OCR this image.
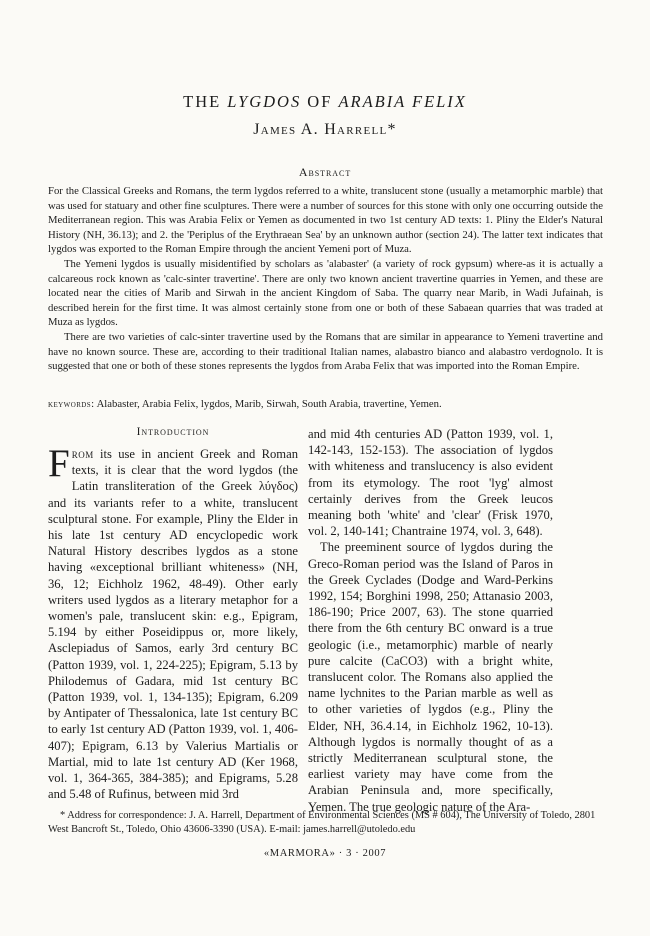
THE LYGDOS OF ARABIA FELIX
James A. Harrell*
Abstract

For the Classical Greeks and Romans, the term lygdos referred to a white, translucent stone (usually a metamorphic marble) that was used for statuary and other fine sculptures. There were a number of sources for this stone with only one occurring outside the Mediterranean region. This was Arabia Felix or Yemen as documented in two 1st century AD texts: 1. Pliny the Elder's Natural History (NH, 36.13); and 2. the 'Periplus of the Erythraean Sea' by an unknown author (section 24). The latter text indicates that lygdos was exported to the Roman Empire through the ancient Yemeni port of Muza.

The Yemeni lygdos is usually misidentified by scholars as 'alabaster' (a variety of rock gypsum) where-as it is actually a calcareous rock known as 'calc-sinter travertine'. There are only two known ancient travertine quarries in Yemen, and these are located near the cities of Marib and Sirwah in the ancient Kingdom of Saba. The quarry near Marib, in Wadi Jufainah, is described herein for the first time. It was almost certainly stone from one or both of these Sabaean quarries that was traded at Muza as lygdos.

There are two varieties of calc-sinter travertine used by the Romans that are similar in appearance to Yemeni travertine and have no known source. These are, according to their traditional Italian names, alabastro bianco and alabastro verdognolo. It is suggested that one or both of these stones represents the lygdos from Araba Felix that was imported into the Roman Empire.

keywords: Alabaster, Arabia Felix, lygdos, Marib, Sirwah, South Arabia, travertine, Yemen.
Introduction

From its use in ancient Greek and Roman texts, it is clear that the word lygdos (the Latin transliteration of the Greek λύγδος) and its variants refer to a white, translucent sculptural stone. For example, Pliny the Elder in his late 1st century AD encyclopedic work Natural History describes lygdos as a stone having «exceptional brilliant whiteness» (NH, 36, 12; Eichholz 1962, 48-49). Other early writers used lygdos as a literary metaphor for a women's pale, translucent skin: e.g., Epigram, 5.194 by either Poseidippus or, more likely, Asclepiadus of Samos, early 3rd century BC (Patton 1939, vol. 1, 224-225); Epigram, 5.13 by Philodemus of Gadara, mid 1st century BC (Patton 1939, vol. 1, 134-135); Epigram, 6.209 by Antipater of Thessalonica, late 1st century BC to early 1st century AD (Patton 1939, vol. 1, 406-407); Epigram, 6.13 by Valerius Martialis or Martial, mid to late 1st century AD (Ker 1968, vol. 1, 364-365, 384-385); and Epigrams, 5.28 and 5.48 of Rufinus, between mid 3rd

and mid 4th centuries AD (Patton 1939, vol. 1, 142-143, 152-153). The association of lygdos with whiteness and translucency is also evident from its etymology. The root 'lyg' almost certainly derives from the Greek leucos meaning both 'white' and 'clear' (Frisk 1970, vol. 2, 140-141; Chantraine 1974, vol. 3, 648).

The preeminent source of lygdos during the Greco-Roman period was the Island of Paros in the Greek Cyclades (Dodge and Ward-Perkins 1992, 154; Borghini 1998, 250; Attanasio 2003, 186-190; Price 2007, 63). The stone quarried there from the 6th century BC onward is a true geologic (i.e., metamorphic) marble of nearly pure calcite (CaCO3) with a bright white, translucent color. The Romans also applied the name lychnites to the Parian marble as well as to other varieties of lygdos (e.g., Pliny the Elder, NH, 36.4.14, in Eichholz 1962, 10-13). Although lygdos is normally thought of as a strictly Mediterranean sculptural stone, the earliest variety may have come from the Arabian Peninsula and, more specifically, Yemen. The true geologic nature of the Ara-

* Address for correspondence: J. A. Harrell, Department of Environmental Sciences (MS # 604), The University of Toledo, 2801 West Bancroft St., Toledo, Ohio 43606-3390 (USA). E-mail: james.harrell@utoledo.edu

«MARMORA» · 3 · 2007
